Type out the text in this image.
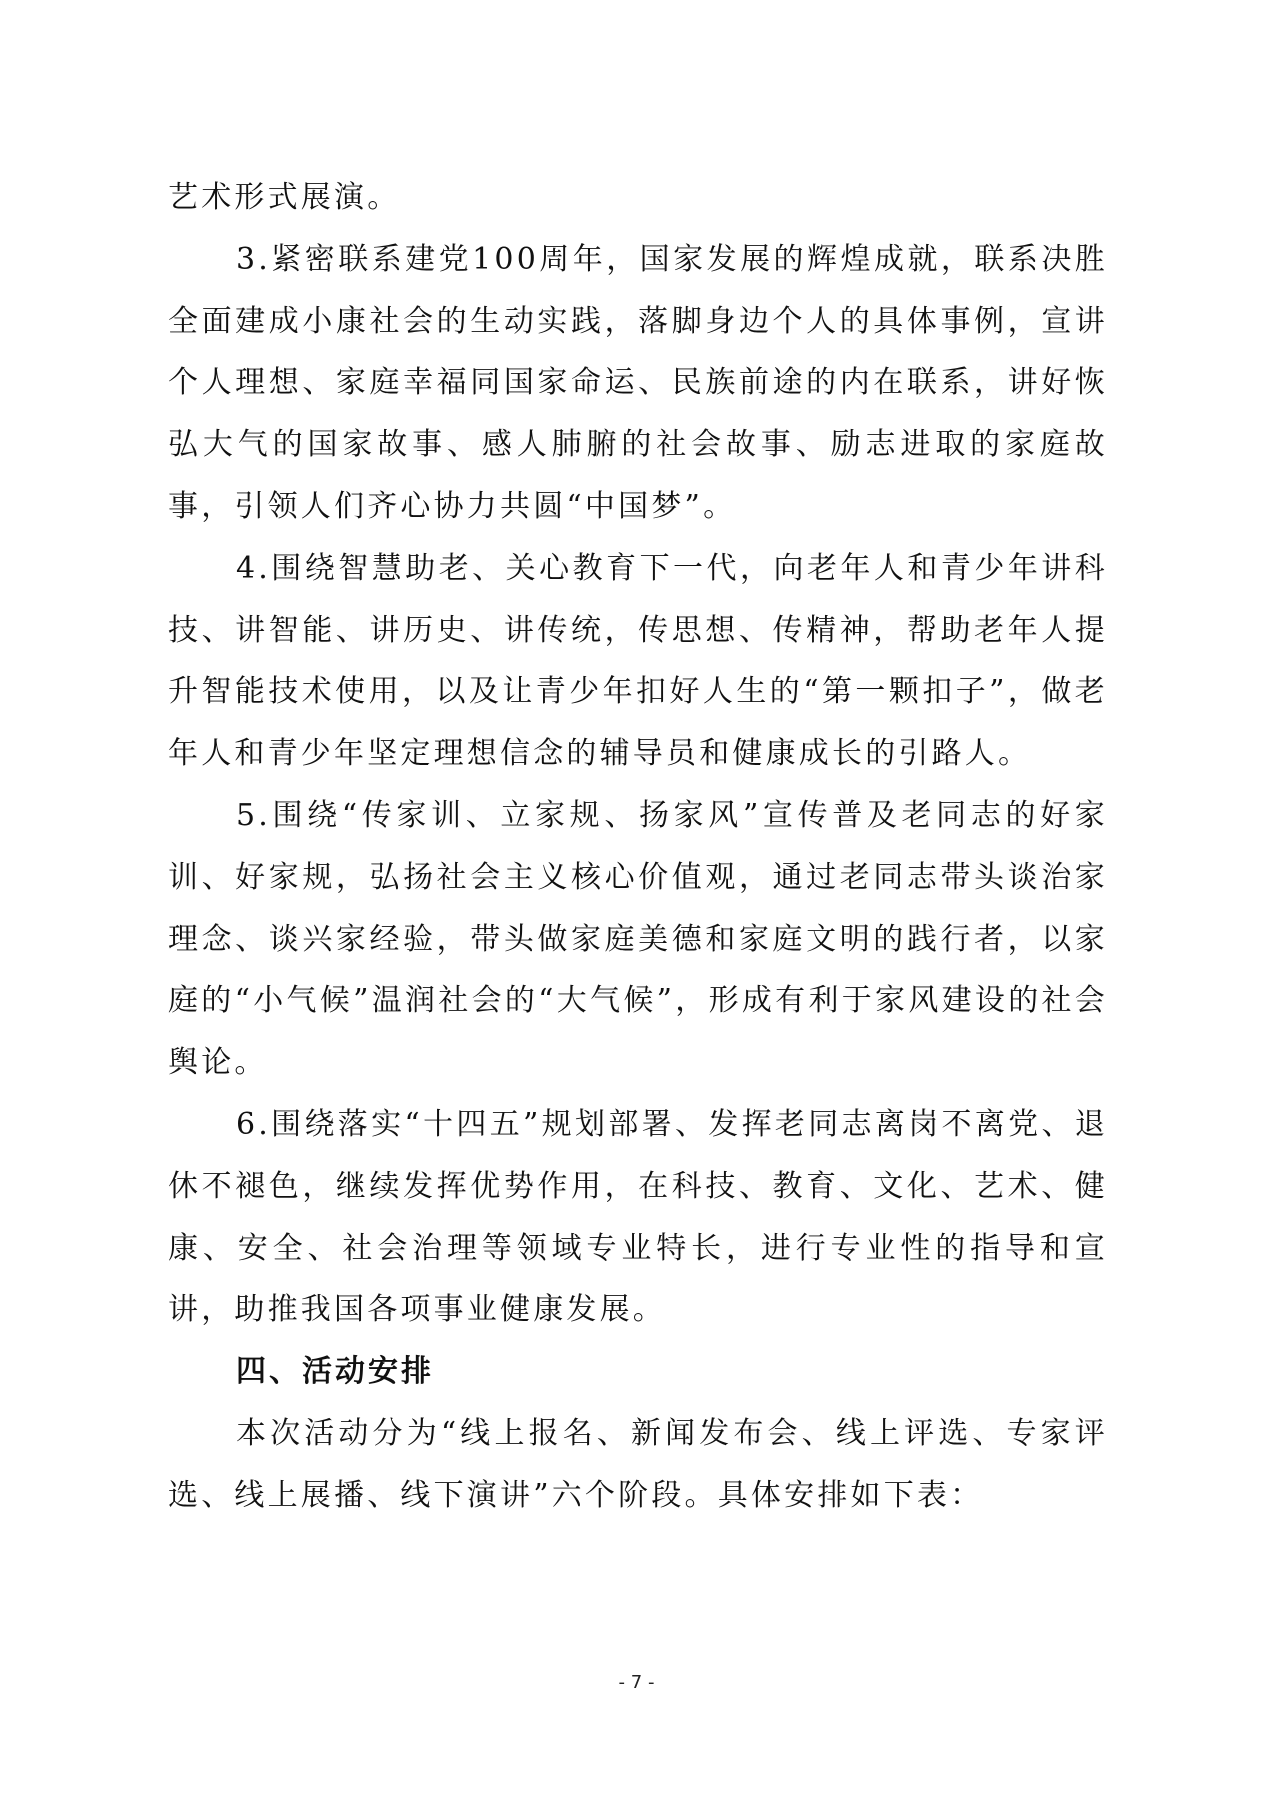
艺术形式展演。

3.紧密联系建党100周年，国家发展的辉煌成就，联系决胜全面建成小康社会的生动实践，落脚身边个人的具体事例，宣讲个人理想、家庭幸福同国家命运、民族前途的内在联系，讲好恢弘大气的国家故事、感人肺腑的社会故事、励志进取的家庭故事，引领人们齐心协力共圆“中国梦”。

4.围绕智慧助老、关心教育下一代，向老年人和青少年讲科技、讲智能、讲历史、讲传统，传思想、传精神，帮助老年人提升智能技术使用，以及让青少年扣好人生的“第一颗扣子”，做老年人和青少年坚定理想信念的辅导员和健康成长的引路人。

5.围绕“传家训、立家规、扬家风”宣传普及老同志的好家训、好家规，弘扬社会主义核心价值观，通过老同志带头谈治家理念、谈兴家经验，带头做家庭美德和家庭文明的践行者，以家庭的“小气候”温润社会的“大气候”，形成有利于家风建设的社会舆论。

6.围绕落实“十四五”规划部署、发挥老同志离岗不离党、退休不褪色，继续发挥优势作用，在科技、教育、文化、艺术、健康、安全、社会治理等领域专业特长，进行专业性的指导和宣讲，助推我国各项事业健康发展。

四、活动安排

本次活动分为“线上报名、新闻发布会、线上评选、专家评选、线上展播、线下演讲”六个阶段。具体安排如下表：

- 7 -
